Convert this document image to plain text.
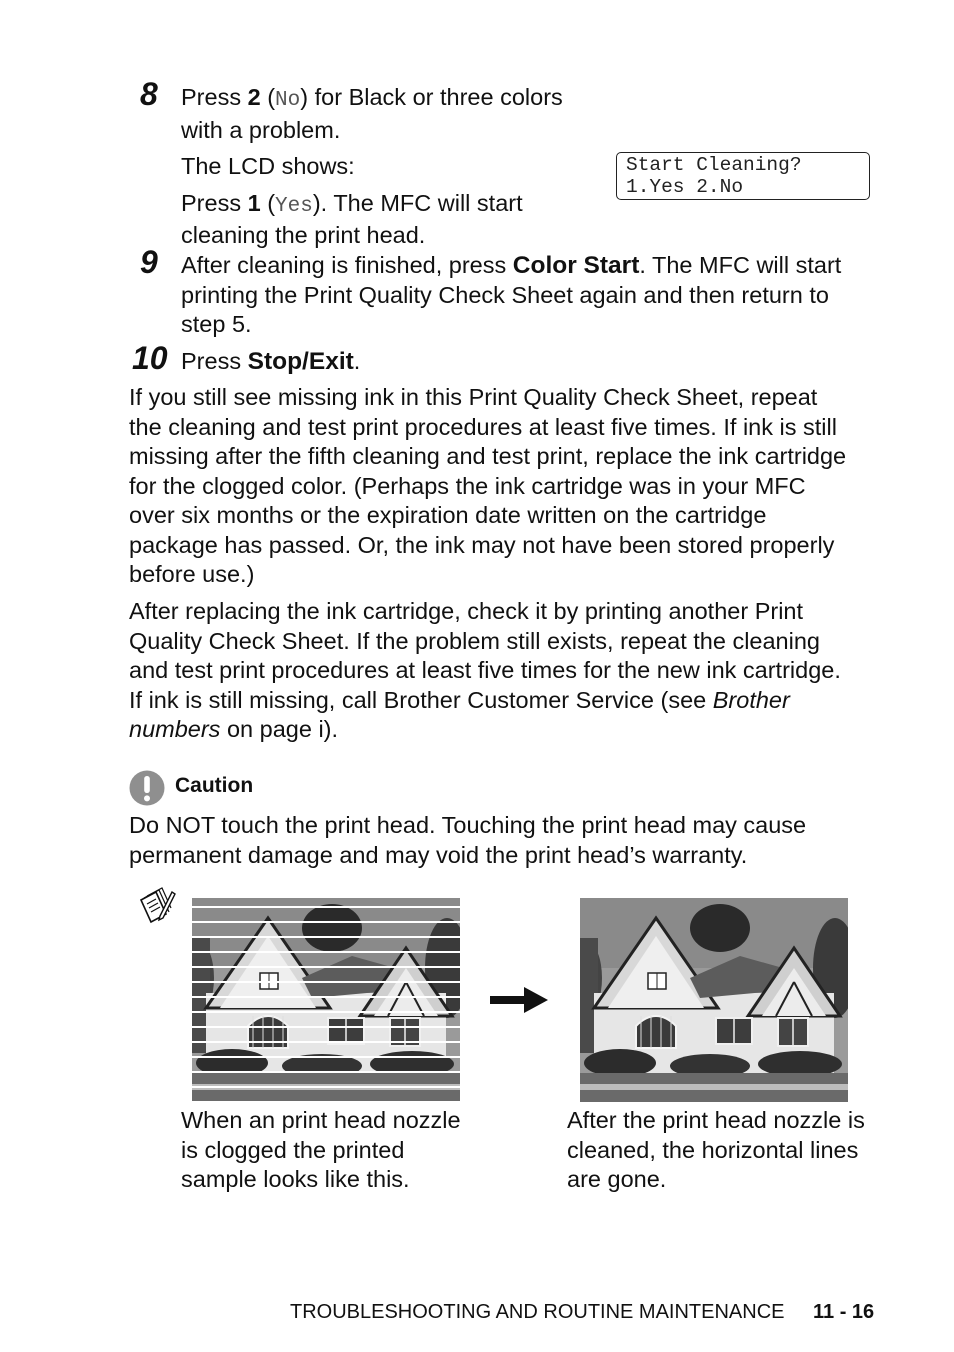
8 Press 2 (No) for Black or three colors
with a problem.
The LCD shows:
Press 1 (Yes). The MFC will start
cleaning the print head.
Start Cleaning?
1.Yes 2.No
9 After cleaning is finished, press Color Start. The MFC will start
printing the Print Quality Check Sheet again and then return to
step 5.
10 Press Stop/Exit.
If you still see missing ink in this Print Quality Check Sheet, repeat
the cleaning and test print procedures at least five times. If ink is still
missing after the fifth cleaning and test print, replace the ink cartridge
for the clogged color. (Perhaps the ink cartridge was in your MFC
over six months or the expiration date written on the cartridge
package has passed. Or, the ink may not have been stored properly
before use.)
After replacing the ink cartridge, check it by printing another Print
Quality Check Sheet. If the problem still exists, repeat the cleaning
and test print procedures at least five times for the new ink cartridge.
If ink is still missing, call Brother Customer Service (see Brother
numbers on page i).
Caution
Do NOT touch the print head. Touching the print head may cause
permanent damage and may void the print head’s warranty.
When an print head nozzle
is clogged the printed
sample looks like this.
After the print head nozzle is
cleaned, the horizontal lines
are gone.
TROUBLESHOOTING AND ROUTINE MAINTENANCE 11 - 16
